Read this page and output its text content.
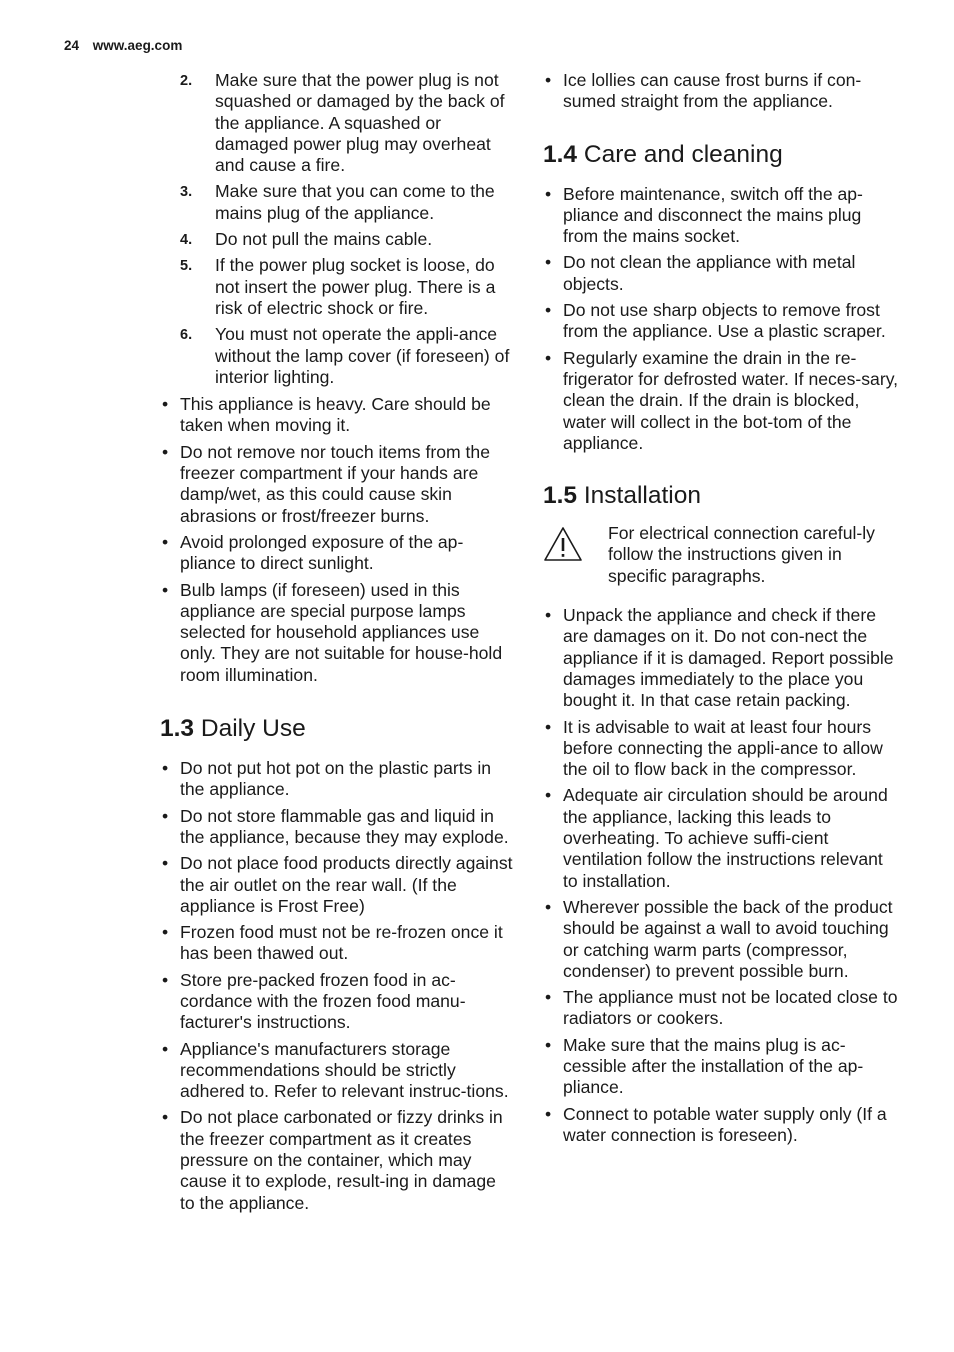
24 www.aeg.com
2. Make sure that the power plug is not squashed or damaged by the back of the appliance. A squashed or damaged power plug may overheat and cause a fire.
3. Make sure that you can come to the mains plug of the appliance.
4. Do not pull the mains cable.
5. If the power plug socket is loose, do not insert the power plug. There is a risk of electric shock or fire.
6. You must not operate the appli-ance without the lamp cover (if foreseen) of interior lighting.
• This appliance is heavy. Care should be taken when moving it.
• Do not remove nor touch items from the freezer compartment if your hands are damp/wet, as this could cause skin abrasions or frost/freezer burns.
• Avoid prolonged exposure of the ap-pliance to direct sunlight.
• Bulb lamps (if foreseen) used in this appliance are special purpose lamps selected for household appliances use only. They are not suitable for house-hold room illumination.
1.3 Daily Use
• Do not put hot pot on the plastic parts in the appliance.
• Do not store flammable gas and liquid in the appliance, because they may explode.
• Do not place food products directly against the air outlet on the rear wall. (If the appliance is Frost Free)
• Frozen food must not be re-frozen once it has been thawed out.
• Store pre-packed frozen food in ac-cordance with the frozen food manu-facturer's instructions.
• Appliance's manufacturers storage recommendations should be strictly adhered to. Refer to relevant instruc-tions.
• Do not place carbonated or fizzy drinks in the freezer compartment as it creates pressure on the container, which may cause it to explode, result-ing in damage to the appliance.
• Ice lollies can cause frost burns if con-sumed straight from the appliance.
1.4 Care and cleaning
• Before maintenance, switch off the ap-pliance and disconnect the mains plug from the mains socket.
• Do not clean the appliance with metal objects.
• Do not use sharp objects to remove frost from the appliance. Use a plastic scraper.
• Regularly examine the drain in the re-frigerator for defrosted water. If neces-sary, clean the drain. If the drain is blocked, water will collect in the bot-tom of the appliance.
1.5 Installation
For electrical connection careful-ly follow the instructions given in specific paragraphs.
• Unpack the appliance and check if there are damages on it. Do not con-nect the appliance if it is damaged. Report possible damages immediately to the place you bought it. In that case retain packing.
• It is advisable to wait at least four hours before connecting the appli-ance to allow the oil to flow back in the compressor.
• Adequate air circulation should be around the appliance, lacking this leads to overheating. To achieve suffi-cient ventilation follow the instructions relevant to installation.
• Wherever possible the back of the product should be against a wall to avoid touching or catching warm parts (compressor, condenser) to prevent possible burn.
• The appliance must not be located close to radiators or cookers.
• Make sure that the mains plug is ac-cessible after the installation of the ap-pliance.
• Connect to potable water supply only (If a water connection is foreseen).
